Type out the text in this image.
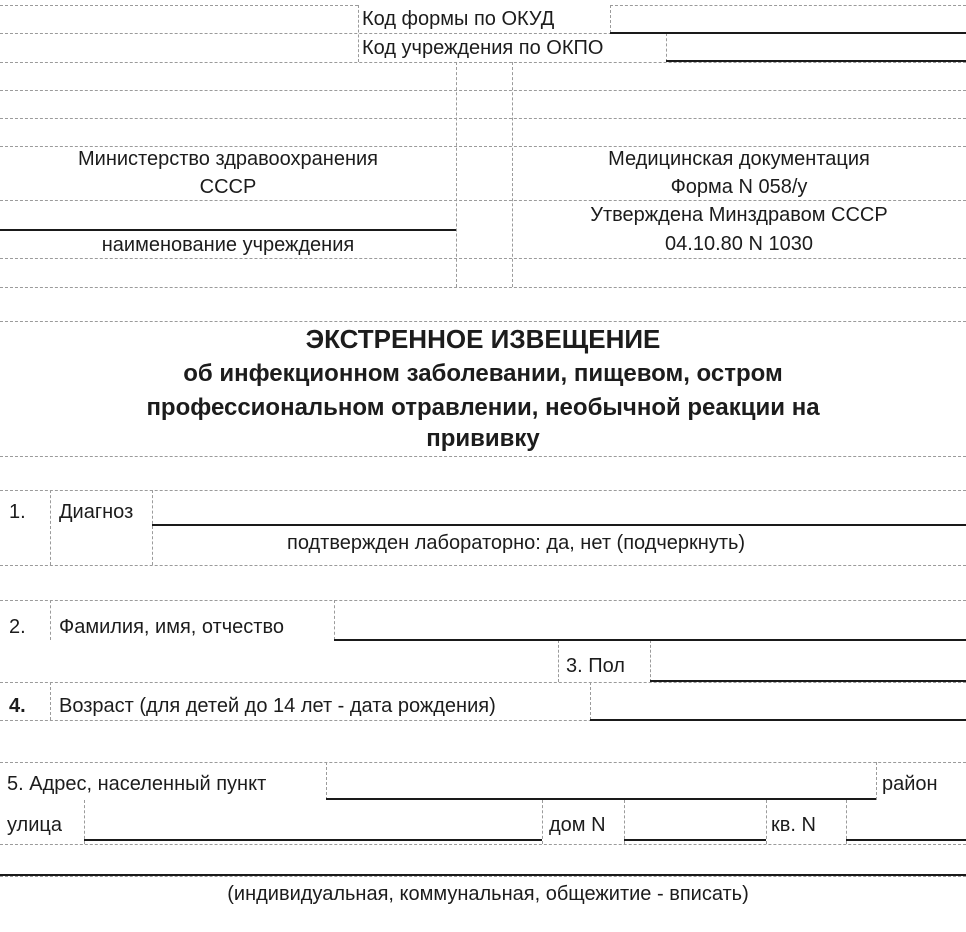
Код формы по ОКУД
Код учреждения по ОКПО
Министерство здравоохранения
СССР
наименование учреждения
Медицинская документация
Форма N 058/у
Утверждена Минздравом СССР
04.10.80 N 1030
ЭКСТРЕННОЕ ИЗВЕЩЕНИЕ
об инфекционном заболевании, пищевом, остром
профессиональном отравлении, необычной реакции на
прививку
1. Диагноз
подтвержден лабораторно: да, нет (подчеркнуть)
2. Фамилия, имя, отчество
3. Пол
4. Возраст (для детей до 14 лет - дата рождения)
5. Адрес, населенный пункт	район
улица	дом N	кв. N
(индивидуальная, коммунальная, общежитие - вписать)
